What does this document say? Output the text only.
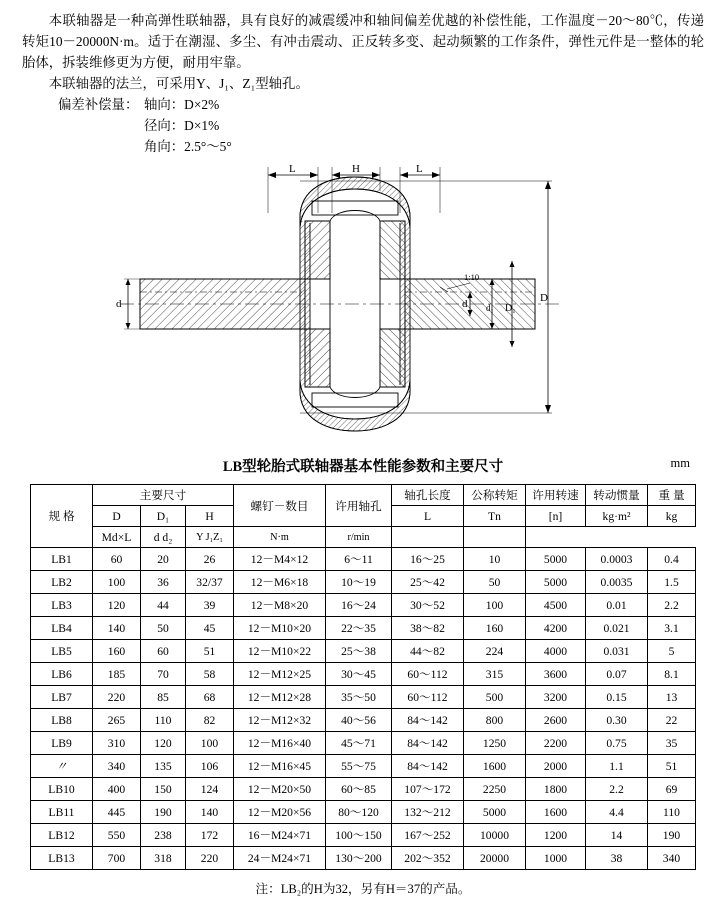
本联轴器是一种高弹性联轴器，具有良好的减震缓冲和轴间偏差优越的补偿性能，工作温度－20～80℃，传递转矩10－20000N·m。适于在潮湿、多尘、有冲击震动、正反转多变、起动频繁的工作条件，弹性元件是一整体的轮胎体，拆装维修更为方便，耐用牢靠。

本联轴器的法兰，可采用Y、J₁、Z₁型轴孔。

偏差补偿量： 轴向：D×2%
径向：D×1%
角向：2.5°～5°
L	H	L
D
d	d d₁ D₁
1:10
LB型轮胎式联轴器基本性能参数和主要尺寸	mm
规 格	主要尺寸			螺钉－数目	许用轴孔	轴孔长度	公称转矩	许用转速	转动惯量	重 量
	D	D₁	H			L	Tn	[n]	kg·m²	kg
	Md×L	d d₂	Y J₁Z₁	N·m	r/min					
LB1	60	20	26	12－M4×12	6～11	16～25	10	5000	0.0003	0.4
LB2	100	36	32/37	12－M6×18	10～19	25～42	50	5000	0.0035	1.5
LB3	120	44	39	12－M8×20	16～24	30～52	100	4500	0.01	2.2
LB4	140	50	45	12－M10×20	22～35	38～82	160	4200	0.021	3.1
LB5	160	60	51	12－M10×22	25～38	44～82	224	4000	0.031	5
LB6	185	70	58	12－M12×25	30～45	60～112	315	3600	0.07	8.1
LB7	220	85	68	12－M12×28	35～50	60～112	500	3200	0.15	13
LB8	265	110	82	12－M12×32	40～56	84～142	800	2600	0.30	22
LB9	310	120	100	12－M16×40	45～71	84～142	1250	2200	0.75	35
〃	340	135	106	12－M16×45	55～75	84～142	1600	2000	1.1	51
LB10	400	150	124	12－M20×50	60～85	107～172	2250	1800	2.2	69
LB11	445	190	140	12－M20×56	80～120	132～212	5000	1600	4.4	110
LB12	550	238	172	16－M24×71	100～150	167～252	10000	1200	14	190
LB13	700	318	220	24－M24×71	130～200	202～352	20000	1000	38	340
注：LB₂的H为32，另有H＝37的产品。
